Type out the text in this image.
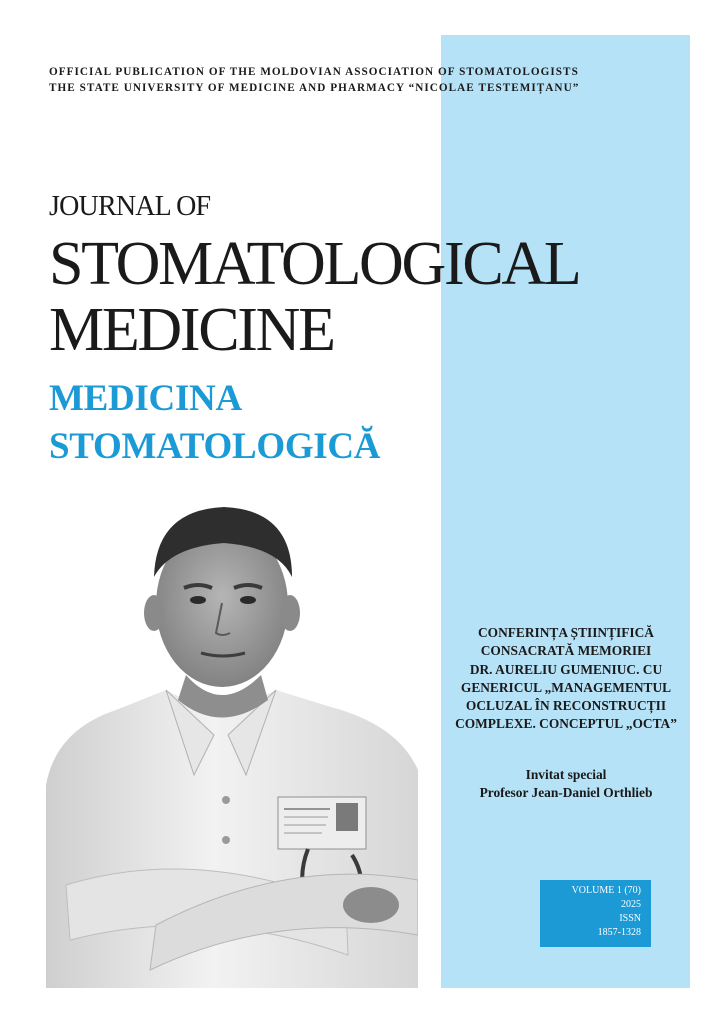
OFFICIAL PUBLICATION OF THE MOLDOVIAN ASSOCIATION OF STOMATOLOGISTS
THE STATE UNIVERSITY OF MEDICINE AND PHARMACY “NICOLAE TESTEMIȚANU”
JOURNAL OF
STOMATOLOGICAL
MEDICINE
MEDICINA
STOMATOLOGICĂ
CONFERINȚA ȘTIINȚIFICĂ
CONSACRATĂ MEMORIEI
DR. AURELIU GUMENIUC. CU
GENERICUL „MANAGEMENTUL
OCLUZAL ÎN RECONSTRUCȚII
COMPLEXE. CONCEPTUL „OCTA”
Invitat special
Profesor Jean-Daniel Orthlieb
VOLUME 1 (70)
2025
ISSN
1857-1328
